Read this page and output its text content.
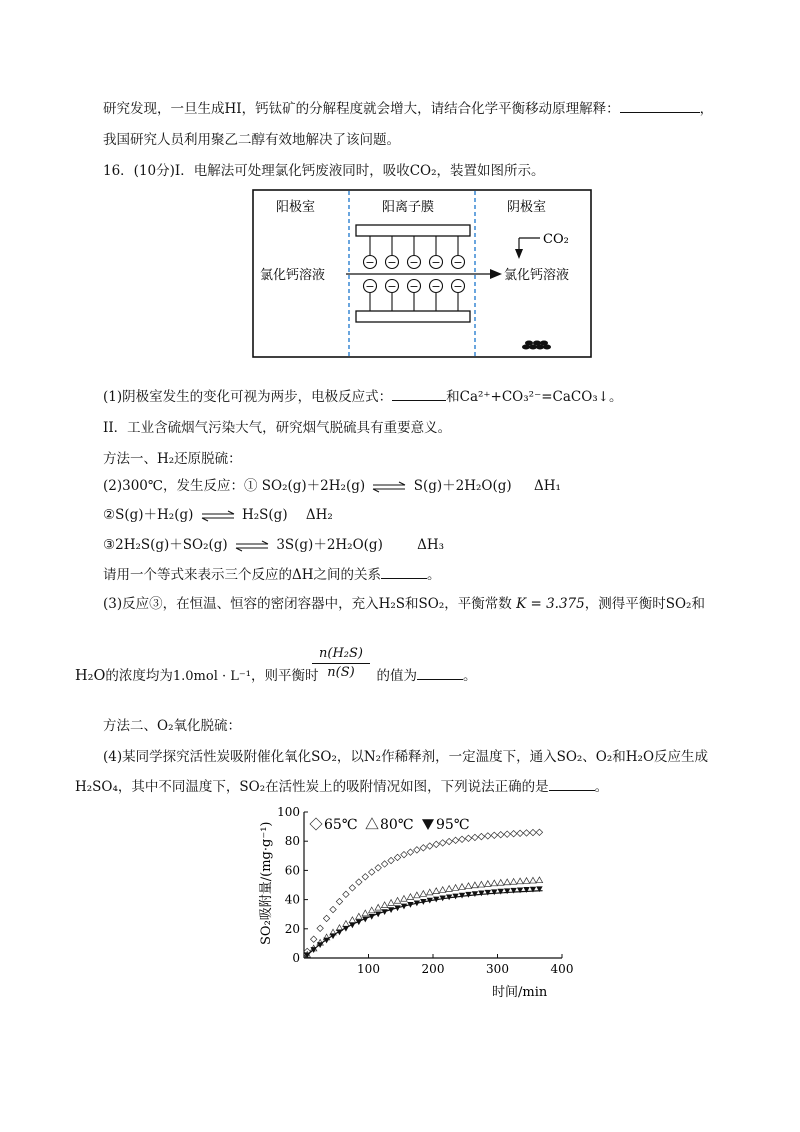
研究发现，一旦生成HI，钙钛矿的分解程度就会增大，请结合化学平衡移动原理解释：	，
我国研究人员利用聚乙二醇有效地解决了该问题。
16．(10分)I．电解法可处理氯化钙废液同时，吸收CO₂，装置如图所示。
阳极室	阳离子膜	阴极室
− − − − −
− − − − −
氯化钙溶液	氯化钙溶液
CO₂
(1)阴极室发生的变化可视为两步，电极反应式：	和Ca²⁺+CO₃²⁻=CaCO₃↓。
II．工业含硫烟气污染大气，研究烟气脱硫具有重要意义。
方法一、H₂还原脱硫：
(2)300℃，发生反应：① SO₂(g)＋2H₂(g) ⇌ S(g)＋2H₂O(g) ΔH₁
②S(g)＋H₂(g) ⇌ H₂S(g) ΔH₂
③2H₂S(g)＋SO₂(g) ⇌ 3S(g)＋2H₂O(g)	ΔH₃
请用一个等式来表示三个反应的ΔH之间的关系	。
(3)反应③，在恒温、恒容的密闭容器中，充入H₂S和SO₂，平衡常数 K = 3.375，测得平衡时SO₂和
H₂O的浓度均为1.0mol · L⁻¹，则平衡时	的值为	。
$\frac{\text{n(H₂S)}}{n(S)}$
方法二、O₂氧化脱硫：
(4)某同学探究活性炭吸附催化氧化SO₂，以N₂作稀释剂，一定温度下，通入SO₂、O₂和H₂O反应生成
H₂SO₄，其中不同温度下，SO₂在活性炭上的吸附情况如图，下列说法正确的是	。
0
20
40
60
80
100
100	200	300	400
SO₂吸附量/(mg·g⁻¹)
时间/min
65℃ 80℃ 95℃
